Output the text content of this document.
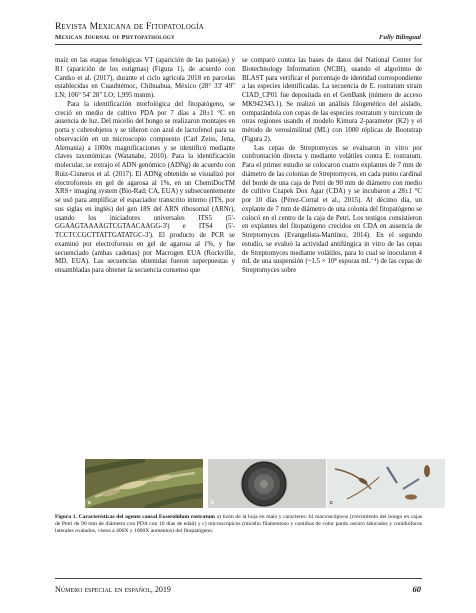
Revista Mexicana de Fitopatología
Mexican Journal of Phytopathology	Fully Bilingual

maíz en las etapas fenológicas VT (aparición de las panojas) y R1 (aparición de los estigmas) (Figura 1), de acuerdo con Cantko et al. (2017), durante el ciclo agrícola 2018 en parcelas establecidas en Cuauhtémoc, Chihuahua, México (28° 33' 49" LN; 106° 54' 28" LO; 1,995 msnm).

Para la identificación morfológica del fitopatógeno, se creció en medio de cultivo PDA por 7 días a 28±1 °C en ausencia de luz. Del micelio del hongo se realizaron montajes en porta y cubreobjetos y se tiñeron con azul de lactofenol para su observación en un microscopio compuesto (Carl Zeiss, Jena, Alemania) a 1000x magnificaciones y se identificó mediante claves taxonómicas (Watanabe, 2010). Para la identificación molecular, se extrajo el ADN genómico (ADNg) de acuerdo con Ruiz-Cisneros et al. (2017). El ADNg obtenido se visualizó por electroforesis en gel de agarosa al 1%, en un ChemiDocTM XRS+ imaging system (Bio-Rad; CA, EUA) y subsecuentemente se usó para amplificar el espaciador transcrito interno (ITS, por sus siglas en inglés) del gen 18S del ARN ribosomal (ARNr), usando los iniciadores universales ITS5 (5'-GGAAGTAAAAGTCGTAACAAGG-3') e ITS4 (5'-TCCTCCGCTTATTGATATGC-3'). El producto de PCR se examinó por electroforesis en gel de agarosa al 1%, y fue secuenciado (ambas cadenas) por Macrogen EUA (Rockville, MD, EUA). Las secuencias obtenidas fueron superpuestas y ensambladas para obtener la secuencia consenso que

se comparó contra las bases de datos del National Center for Biotechnology Information (NCBI), usando el algoritmo de BLAST para verificar el porcentaje de identidad correspondiente a las especies identificadas. La secuencia de E. rostratum strain CIAD_CP01 fue depositada en el GenBank (número de acceso MK942343.1). Se realizó un análisis filogenético del aislado, comparándola con cepas de las especies rostratum y turcicum de otras regiones usando el modelo Kimura 2-parameter (K2) y el método de verosimilitud (ML) con 1000 réplicas de Bootstrap (Figura 2).

Las cepas de Streptomyces se evaluaron in vitro por confrontación directa y mediante volátiles contra E. rostratum. Para el primer estudio se colocaron cuatro explantes de 7 mm de diámetro de las colonias de Streptomyces, en cada punto cardinal del borde de una caja de Petri de 90 mm de diámetro con medio de cultivo Czapek Dox Agar (CDA) y se incubaron a 28±1 °C por 10 días (Pérez-Corral et al., 2015). Al décimo día, un explante de 7 mm de diámetro de una colonia del fitopatógeno se colocó en el centro de la caja de Petri. Los testigos consistieron en explantes del fitopatógeno crecidos en CDA en ausencia de Streptomyces (Evangelista-Martínez, 2014). En el segundo estudio, se evaluó la actividad antifúngica in vitro de las cepas de Streptomyces mediante volátiles, para lo cual se inocularon 4 mL de una suspensión (~1.5 × 10⁸ esporas mL⁻¹) de las cepas de Streptomyces sobre

a	b	c
Figura 1. Características del agente causal Exserohilum rostratum a) tizón de la hoja en maíz y caracteres: b) macroscópicos (crecimiento del hongo en cajas de Petri de 90 mm de diámetro con PDA con 10 días de edad) y c) microscópicos (micelio filamentoso y conidios de color pardo oscuro tabicados y conidióforos laterales ovalados, vistos a 400X y 1000X aumentos) del fitopatógeno.
Número especial en español, 2019	60
